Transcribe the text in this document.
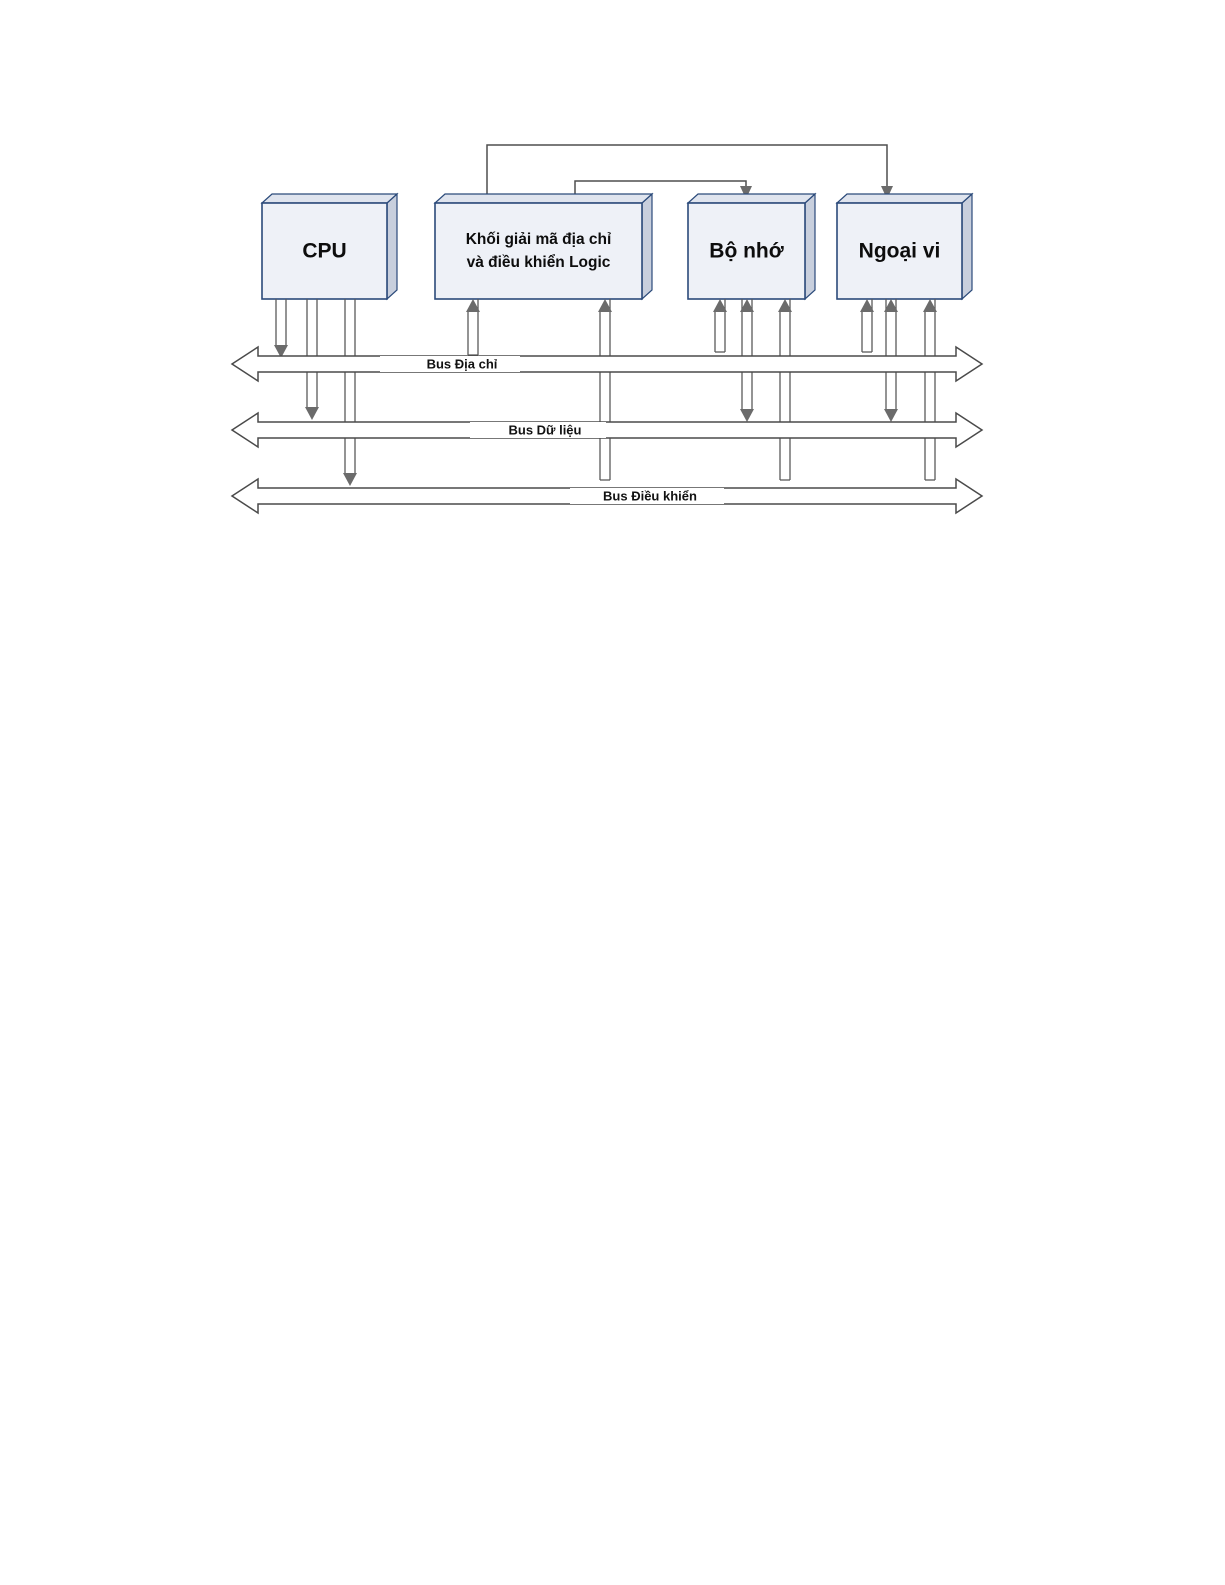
CPU	Khối giải mã địa chỉ
và điều khiển Logic
Bộ nhớ	Ngoại vi
Bus Địa chỉ
Bus Dữ liệu
Bus Điều khiển
